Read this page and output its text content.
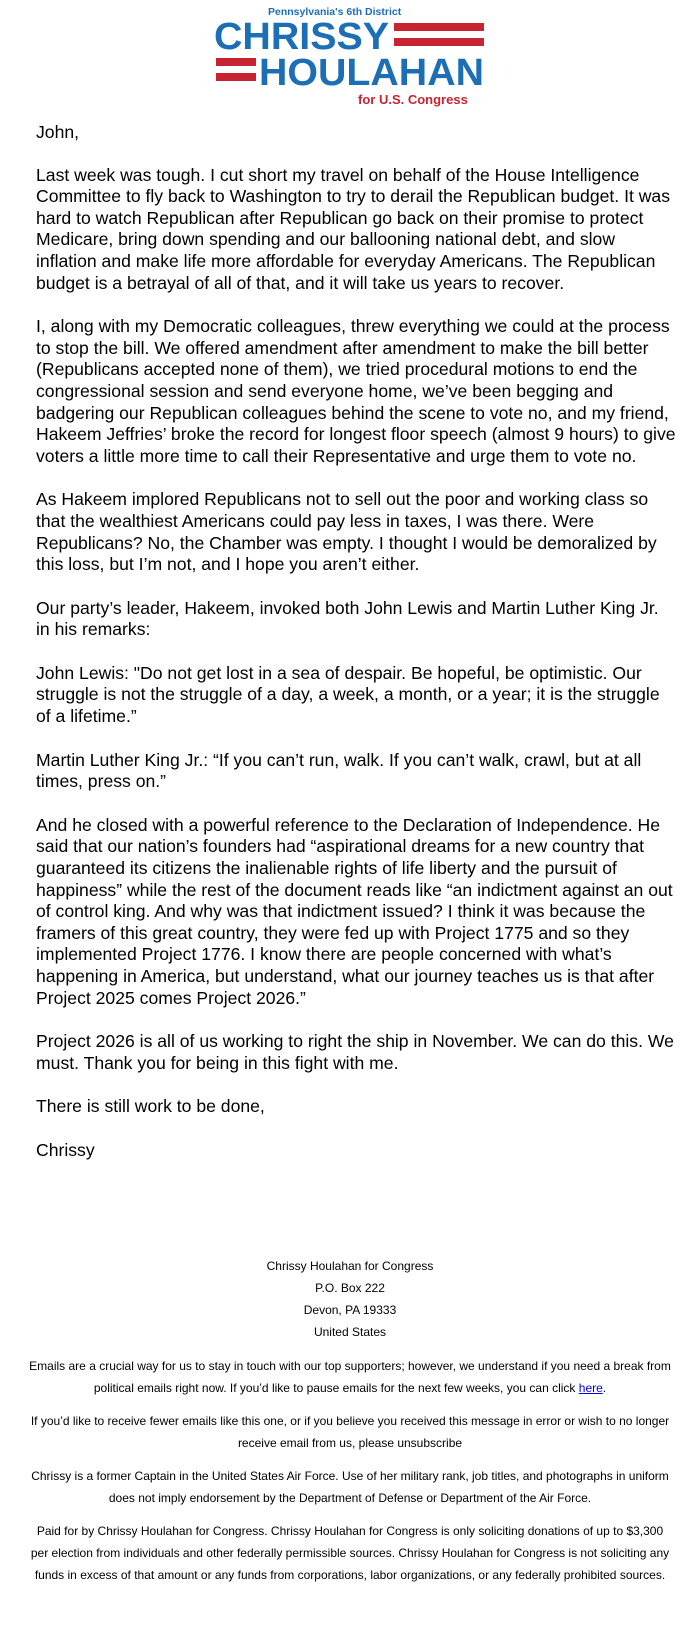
Pennsylvania's 6th District
CHRISSY
HOULAHAN
for U.S. Congress

John,

Last week was tough. I cut short my travel on behalf of the House Intelligence Committee to fly back to Washington to try to derail the Republican budget. It was hard to watch Republican after Republican go back on their promise to protect Medicare, bring down spending and our ballooning national debt, and slow inflation and make life more affordable for everyday Americans. The Republican budget is a betrayal of all of that, and it will take us years to recover.

I, along with my Democratic colleagues, threw everything we could at the process to stop the bill. We offered amendment after amendment to make the bill better (Republicans accepted none of them), we tried procedural motions to end the congressional session and send everyone home, we’ve been begging and badgering our Republican colleagues behind the scene to vote no, and my friend, Hakeem Jeffries’ broke the record for longest floor speech (almost 9 hours) to give voters a little more time to call their Representative and urge them to vote no.

As Hakeem implored Republicans not to sell out the poor and working class so that the wealthiest Americans could pay less in taxes, I was there. Were Republicans? No, the Chamber was empty. I thought I would be demoralized by this loss, but I’m not, and I hope you aren’t either.

Our party’s leader, Hakeem, invoked both John Lewis and Martin Luther King Jr. in his remarks:

John Lewis: "Do not get lost in a sea of despair. Be hopeful, be optimistic. Our struggle is not the struggle of a day, a week, a month, or a year; it is the struggle of a lifetime.”

Martin Luther King Jr.: “If you can’t run, walk. If you can’t walk, crawl, but at all times, press on.”

And he closed with a powerful reference to the Declaration of Independence. He said that our nation’s founders had “aspirational dreams for a new country that guaranteed its citizens the inalienable rights of life liberty and the pursuit of happiness” while the rest of the document reads like “an indictment against an out of control king. And why was that indictment issued? I think it was because the framers of this great country, they were fed up with Project 1775 and so they implemented Project 1776. I know there are people concerned with what’s happening in America, but understand, what our journey teaches us is that after Project 2025 comes Project 2026.”

Project 2026 is all of us working to right the ship in November. We can do this. We must. Thank you for being in this fight with me.

There is still work to be done,

Chrissy

Chrissy Houlahan for Congress
P.O. Box 222
Devon, PA 19333
United States

Emails are a crucial way for us to stay in touch with our top supporters; however, we understand if you need a break from political emails right now. If you’d like to pause emails for the next few weeks, you can click here.

If you’d like to receive fewer emails like this one, or if you believe you received this message in error or wish to no longer receive email from us, please unsubscribe

Chrissy is a former Captain in the United States Air Force. Use of her military rank, job titles, and photographs in uniform does not imply endorsement by the Department of Defense or Department of the Air Force.

Paid for by Chrissy Houlahan for Congress. Chrissy Houlahan for Congress is only soliciting donations of up to $3,300 per election from individuals and other federally permissible sources. Chrissy Houlahan for Congress is not soliciting any funds in excess of that amount or any funds from corporations, labor organizations, or any federally prohibited sources.
